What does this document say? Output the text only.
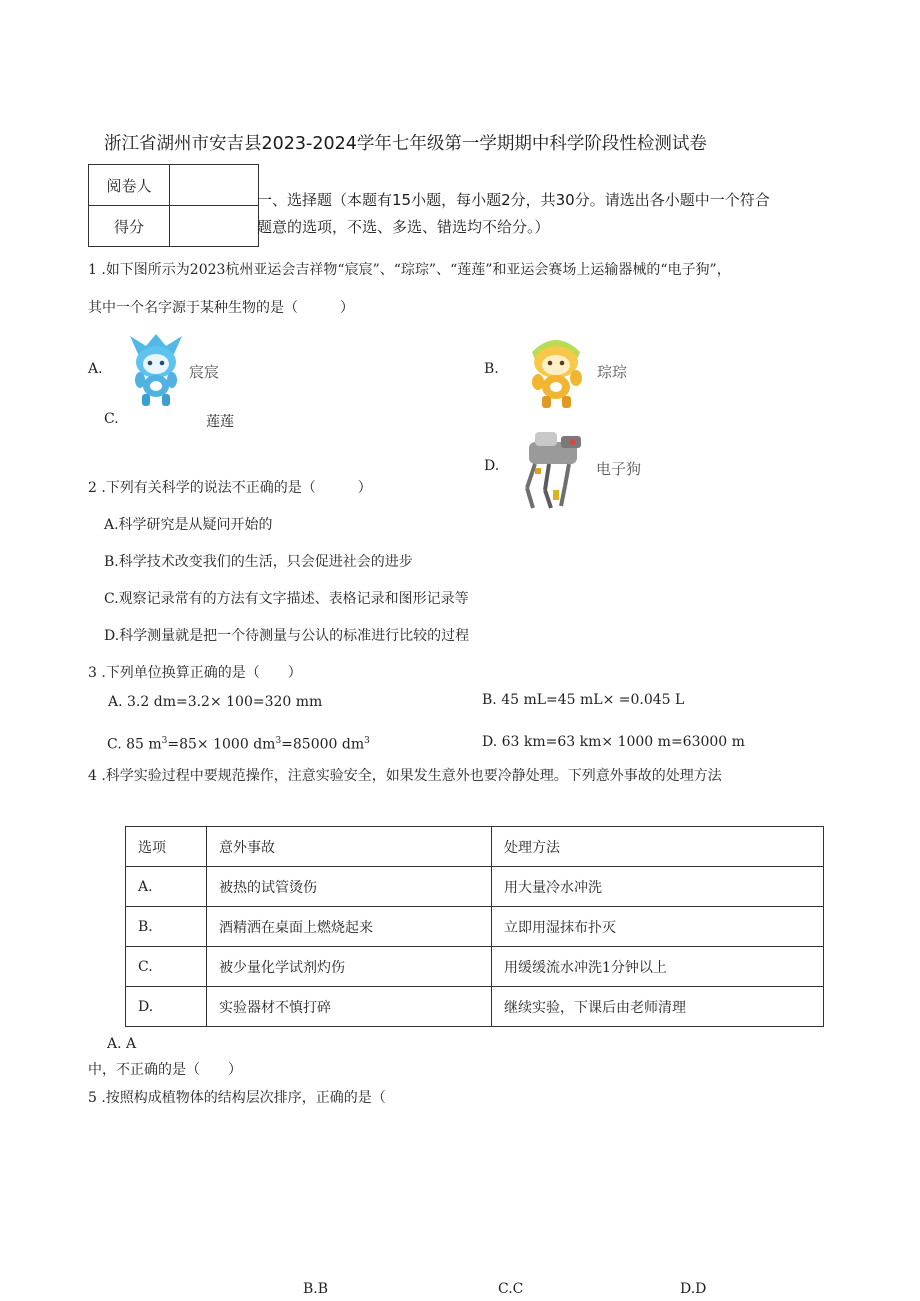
浙江省湖州市安吉县2023-2024学年七年级第一学期期中科学阶段性检测试卷
阅卷人	
得分	
一、选择题（本题有15小题，每小题2分，共30分。请选出各小题中一个符合
题意的选项，不选、多选、错选均不给分。）
1 .如下图所示为2023杭州亚运会吉祥物“宸宸”、“琮琮”、“莲莲”和亚运会赛场上运输器械的“电子狗”，
其中一个名字源于某种生物的是（　　　）
A.	宸宸	B.	琮琮
C.	莲莲
D.	电子狗
2 .下列有关科学的说法不正确的是（　　　）
A.科学研究是从疑问开始的
B.科学技术改变我们的生活，只会促进社会的进步
C.观察记录常有的方法有文字描述、表格记录和图形记录等
D.科学测量就是把一个待测量与公认的标准进行比较的过程
3 .下列单位换算正确的是（　　）
A. 3.2 dm=3.2× 100=320 mm	B. 45 mL=45 mL× =0.045 L
C. 85 $m^3=85\times 1000$ $dm^3=85000$ $dm^3$	D. 63 km=63 km× 1000 m=63000 m
4 .科学实验过程中要规范操作，注意实验安全，如果发生意外也要冷静处理。下列意外事故的处理方法
选项	意外事故	处理方法
A.	被热的试管烫伤	用大量冷水冲洗
B.	酒精洒在桌面上燃烧起来	立即用湿抹布扑灭
C.	被少量化学试剂灼伤	用缓缓流水冲洗1分钟以上
D.	实验器材不慎打碎	继续实验，下课后由老师清理
A. A
中，不正确的是（　　）
5 .按照构成植物体的结构层次排序，正确的是（
B.B	C.C	D.D
